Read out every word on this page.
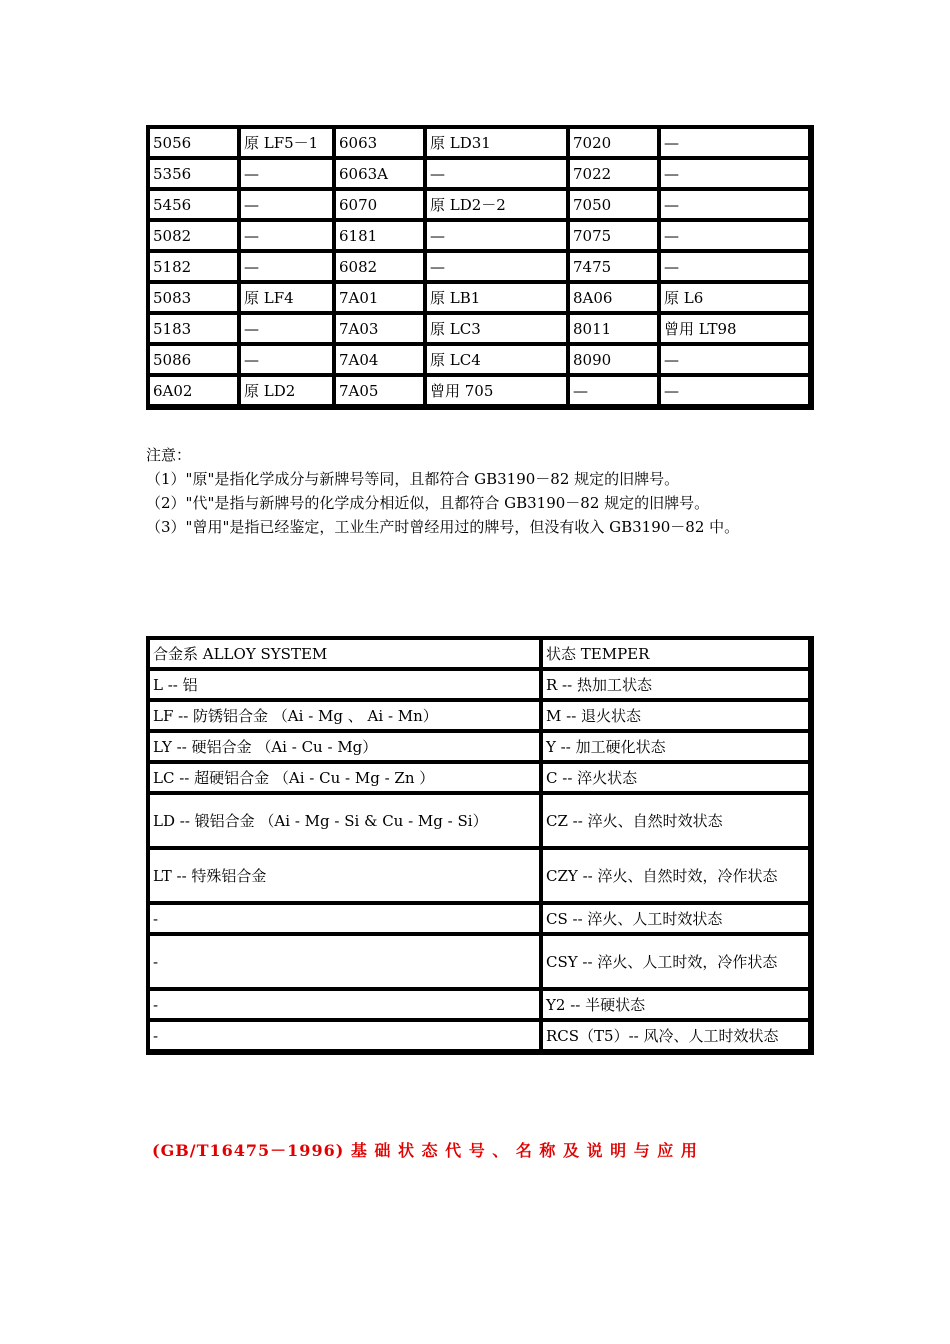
5056	原 LF5－1	6063	原 LD31	7020	—
5356	—	6063A	—	7022	—
5456	—	6070	原 LD2－2	7050	—
5082	—	6181	—	7075	—
5182	—	6082	—	7475	—
5083	原 LF4	7A01	原 LB1	8A06	原 L6
5183	—	7A03	原 LC3	8011	曾用 LT98
5086	—	7A04	原 LC4	8090	—
6A02	原 LD2	7A05	曾用 705	—	—
注意：
（1）"原"是指化学成分与新牌号等同，且都符合 GB3190－82 规定的旧牌号。
（2）"代"是指与新牌号的化学成分相近似，且都符合 GB3190－82 规定的旧牌号。
（3）"曾用"是指已经鉴定，工业生产时曾经用过的牌号，但没有收入 GB3190－82 中。
合金系 ALLOY SYSTEM	状态 TEMPER
L -- 铝	R -- 热加工状态
LF -- 防锈铝合金 （Ai - Mg 、 Ai - Mn）	M -- 退火状态
LY -- 硬铝合金 （Ai - Cu - Mg）	Y -- 加工硬化状态
LC -- 超硬铝合金 （Ai - Cu - Mg - Zn ）	C -- 淬火状态
LD -- 锻铝合金 （Ai - Mg - Si & Cu - Mg - Si）	CZ -- 淬火、自然时效状态
LT -- 特殊铝合金	CZY -- 淬火、自然时效，冷作状态
-	CS -- 淬火、人工时效状态
-	CSY -- 淬火、人工时效，冷作状态
-	Y2 -- 半硬状态
-	RCS（T5）-- 风冷、人工时效状态
(GB/T16475－1996) 基 础 状 态 代 号 、 名 称 及 说 明 与 应 用
